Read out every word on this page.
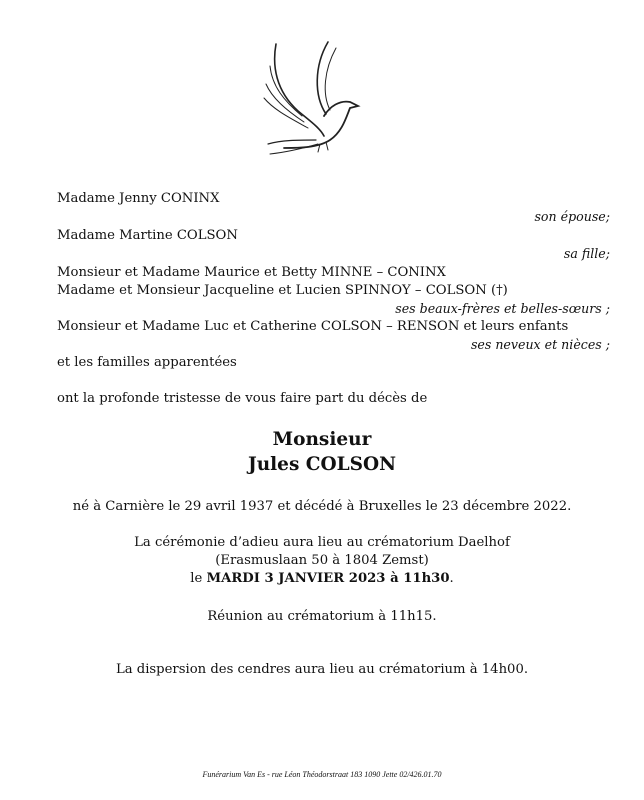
Madame Jenny CONINX
son épouse;
Madame Martine COLSON
sa fille;
Monsieur et Madame Maurice et Betty MINNE – CONINX
Madame et Monsieur Jacqueline et Lucien SPINNOY – COLSON (†)
ses beaux-frères et belles-sœurs ;
Monsieur et Madame Luc et Catherine COLSON – RENSON et leurs enfants
ses neveux et nièces ;
et les familles apparentées
ont la profonde tristesse de vous faire part du décès de
Monsieur
Jules COLSON
né à Carnière le 29 avril 1937 et décédé à Bruxelles le 23 décembre 2022.
La cérémonie d’adieu aura lieu au crématorium Daelhof
(Erasmuslaan 50 à 1804 Zemst)
le MARDI 3 JANVIER 2023 à 11h30.
Réunion au crématorium à 11h15.
La dispersion des cendres aura lieu au crématorium à 14h00.
Funérarium Van Es - rue Léon Théodorstraat 183 1090 Jette 02/426.01.70
